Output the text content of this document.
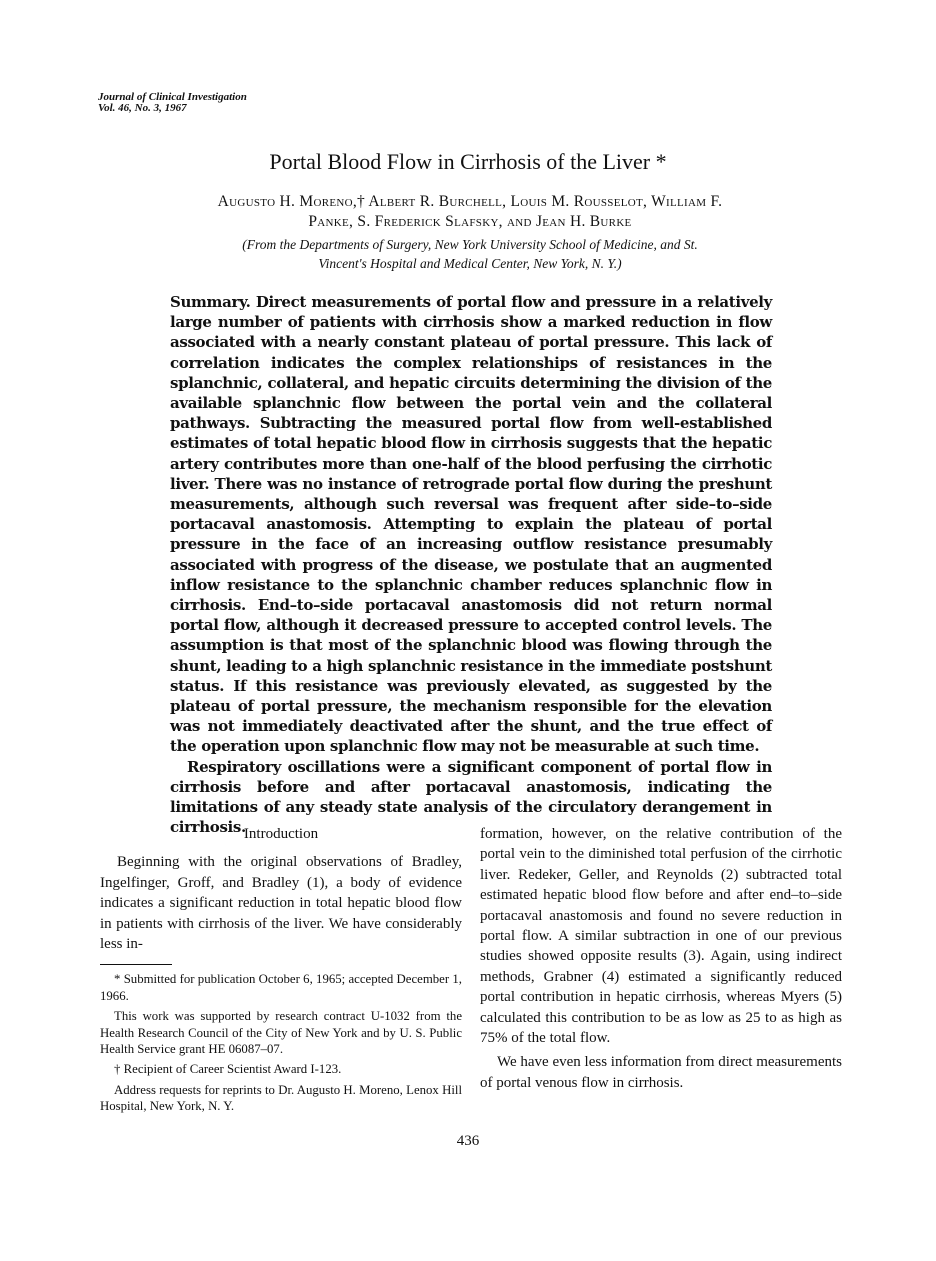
Journal of Clinical Investigation
Vol. 46, No. 3, 1967
Portal Blood Flow in Cirrhosis of the Liver *
Augusto H. Moreno,† Albert R. Burchell, Louis M. Rousselot, William F.
Panke, S. Frederick Slafsky, and Jean H. Burke
(From the Departments of Surgery, New York University School of Medicine, and St.
Vincent's Hospital and Medical Center, New York, N. Y.)

Summary. Direct measurements of portal flow and pressure in a relatively large number of patients with cirrhosis show a marked reduction in flow associated with a nearly constant plateau of portal pressure. This lack of correlation indicates the complex relationships of resistances in the splanchnic, collateral, and hepatic circuits determining the division of the available splanchnic flow between the portal vein and the collateral pathways. Subtracting the measured portal flow from well-established estimates of total hepatic blood flow in cirrhosis suggests that the hepatic artery contributes more than one-half of the blood perfusing the cirrhotic liver. There was no instance of retrograde portal flow during the preshunt measurements, although such reversal was frequent after side–to–side portacaval anastomosis. Attempting to explain the plateau of portal pressure in the face of an increasing outflow resistance presumably associated with progress of the disease, we postulate that an augmented inflow resistance to the splanchnic chamber reduces splanchnic flow in cirrhosis. End–to–side portacaval anastomosis did not return normal portal flow, although it decreased pressure to accepted control levels. The assumption is that most of the splanchnic blood was flowing through the shunt, leading to a high splanchnic resistance in the immediate postshunt status. If this resistance was previously elevated, as suggested by the plateau of portal pressure, the mechanism responsible for the elevation was not immediately deactivated after the shunt, and the true effect of the operation upon splanchnic flow may not be measurable at such time.

Respiratory oscillations were a significant component of portal flow in cirrhosis before and after portacaval anastomosis, indicating the limitations of any steady state analysis of the circulatory derangement in cirrhosis.

Introduction

Beginning with the original observations of Bradley, Ingelfinger, Groff, and Bradley (1), a body of evidence indicates a significant reduction in total hepatic blood flow in patients with cirrhosis of the liver. We have considerably less in-

* Submitted for publication October 6, 1965; accepted December 1, 1966.

This work was supported by research contract U-1032 from the Health Research Council of the City of New York and by U. S. Public Health Service grant HE 06087–07.

† Recipient of Career Scientist Award I-123.

Address requests for reprints to Dr. Augusto H. Moreno, Lenox Hill Hospital, New York, N. Y.

formation, however, on the relative contribution of the portal vein to the diminished total perfusion of the cirrhotic liver. Redeker, Geller, and Reynolds (2) subtracted total estimated hepatic blood flow before and after end–to–side portacaval anastomosis and found no severe reduction in portal flow. A similar subtraction in one of our previous studies showed opposite results (3). Again, using indirect methods, Grabner (4) estimated a significantly reduced portal contribution in hepatic cirrhosis, whereas Myers (5) calculated this contribution to be as low as 25 to as high as 75% of the total flow.

We have even less information from direct measurements of portal venous flow in cirrhosis.

436
